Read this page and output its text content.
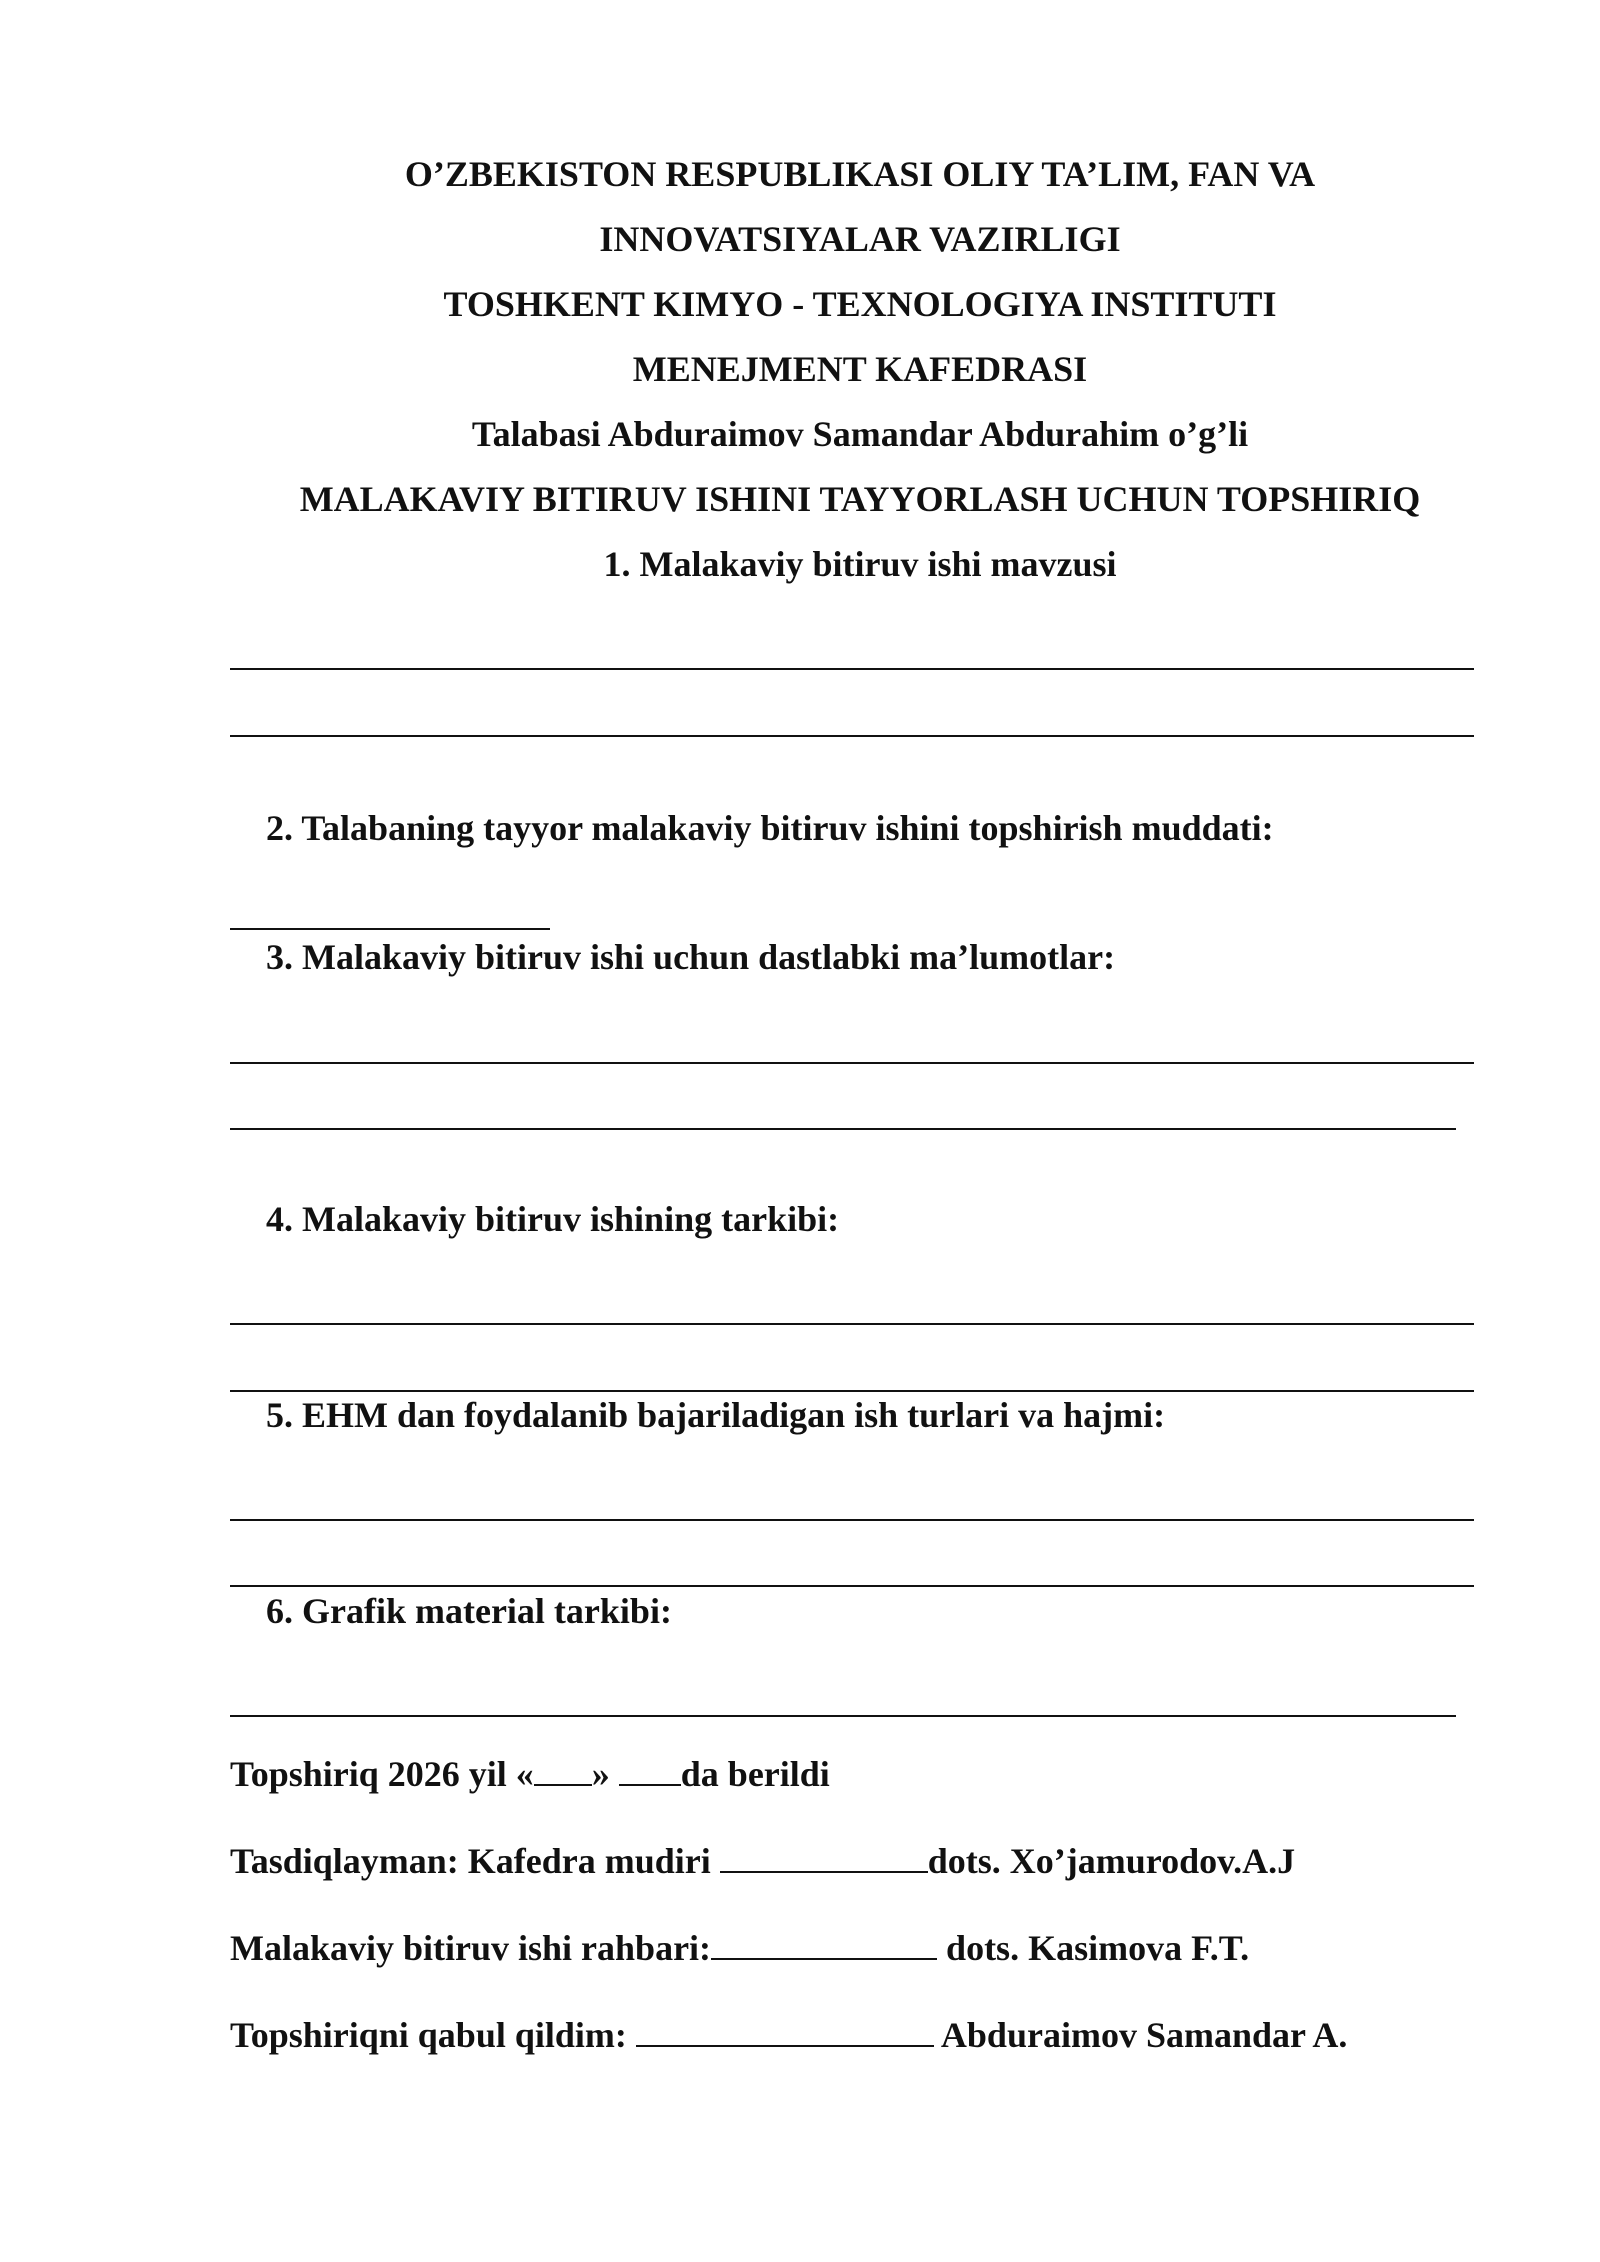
O’ZBEKISTON RESPUBLIKASI OLIY TA’LIM, FAN VA
INNOVATSIYALAR VAZIRLIGI
TOSHKENT KIMYO - TEXNOLOGIYA INSTITUTI
MENEJMENT KAFEDRASI
Talabasi Abduraimov Samandar Abdurahim o’g’li
MALAKAVIY BITIRUV ISHINI TAYYORLASH UCHUN TOPSHIRIQ
1. Malakaviy bitiruv ishi mavzusi
2. Talabaning tayyor malakaviy bitiruv ishini topshirish muddati:
3. Malakaviy bitiruv ishi uchun dastlabki ma’lumotlar:
4. Malakaviy bitiruv ishining tarkibi:
5. EHM dan foydalanib bajariladigan ish turlari va hajmi:
6. Grafik material tarkibi:
Topshiriq 2026 yil « » da berildi
Tasdiqlayman: Kafedra mudiri	dots. Xo’jamurodov.A.J
Malakaviy bitiruv ishi rahbari:	dots. Kasimova F.T.
Topshiriqni qabul qildim:	Abduraimov Samandar A.
